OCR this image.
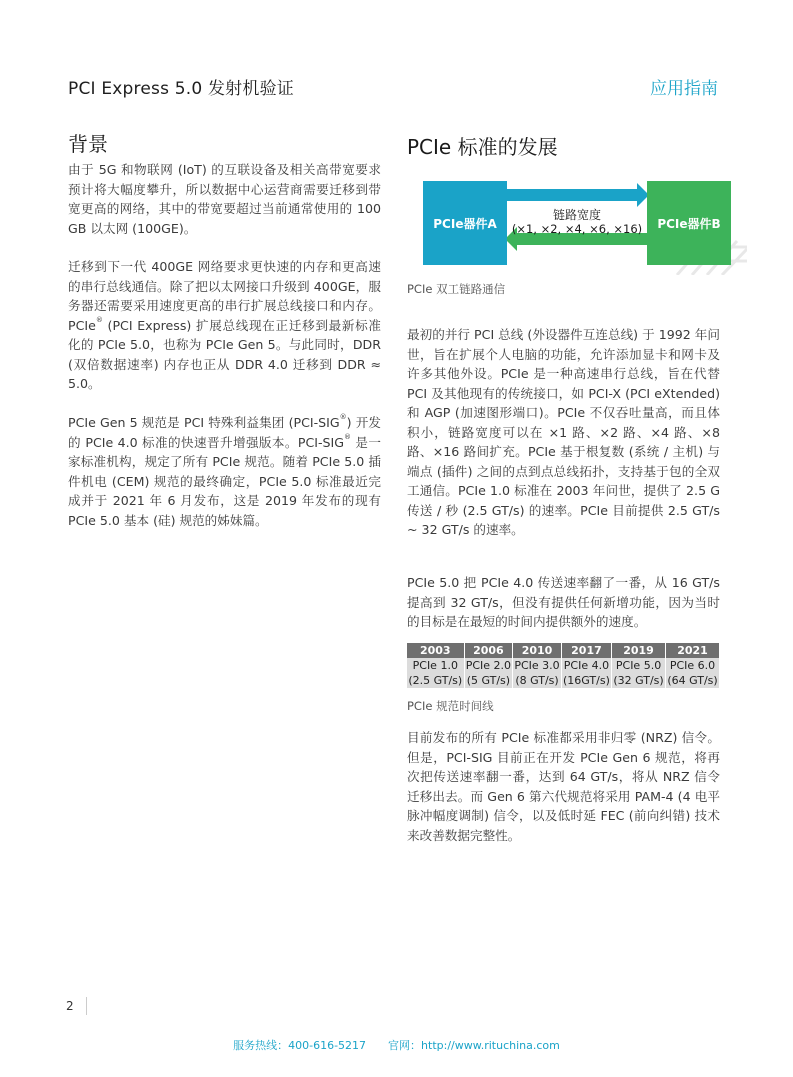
PCI Express 5.0 发射机验证	应用指南
背景

由于 5G 和物联网 (IoT) 的互联设备及相关高带宽要求预计将大幅度攀升，所以数据中心运营商需要迁移到带宽更高的网络，其中的带宽要超过当前通常使用的 100 GB 以太网 (100GE)。

迁移到下一代 400GE 网络要求更快速的内存和更高速的串行总线通信。除了把以太网接口升级到 400GE，服务器还需要采用速度更高的串行扩展总线接口和内存。PCIe® (PCI Express) 扩展总线现在正迁移到最新标准化的 PCIe 5.0，也称为 PCIe Gen 5。与此同时，DDR (双倍数据速率) 内存也正从 DDR 4.0 迁移到 DDR ≈ 5.0。

PCIe Gen 5 规范是 PCI 特殊利益集团 (PCI-SIG®) 开发的 PCIe 4.0 标准的快速晋升增强版本。PCI-SIG® 是一家标准机构，规定了所有 PCIe 规范。随着 PCIe 5.0 插件机电 (CEM) 规范的最终确定，PCIe 5.0 标准最近完成并于 2021 年 6 月发布，这是 2019 年发布的现有 PCIe 5.0 基本 (硅) 规范的姊妹篇。

PCIe 标准的发展
PCIe器件A	PCIe器件B
链路宽度
(×1, ×2, ×4, ×6, ×16)
PCIe 双工链路通信

最初的并行 PCI 总线 (外设器件互连总线) 于 1992 年问世，旨在扩展个人电脑的功能，允许添加显卡和网卡及许多其他外设。PCIe 是一种高速串行总线，旨在代替 PCI 及其他现有的传统接口，如 PCI-X (PCI eXtended) 和 AGP (加速图形端口)。PCIe 不仅吞吐量高，而且体积小，链路宽度可以在 ×1 路、×2 路、×4 路、×8 路、×16 路间扩充。PCIe 基于根复数 (系统 / 主机) 与端点 (插件) 之间的点到点总线拓扑，支持基于包的全双工通信。PCIe 1.0 标准在 2003 年问世，提供了 2.5 G 传送 / 秒 (2.5 GT/s) 的速率。PCIe 目前提供 2.5 GT/s ~ 32 GT/s 的速率。

PCIe 5.0 把 PCIe 4.0 传送速率翻了一番，从 16 GT/s 提高到 32 GT/s，但没有提供任何新增功能，因为当时的目标是在最短的时间内提供额外的速度。

2003	2006	2010	2017	2019	2021
PCIe 1.0	PCIe 2.0	PCIe 3.0	PCIe 4.0	PCIe 5.0	PCIe 6.0
(2.5 GT/s)	(5 GT/s)	(8 GT/s)	(16GT/s)	(32 GT/s)	(64 GT/s)
PCIe 规范时间线

目前发布的所有 PCIe 标准都采用非归零 (NRZ) 信令。但是，PCI-SIG 目前正在开发 PCIe Gen 6 规范，将再次把传送速率翻一番，达到 64 GT/s，将从 NRZ 信令迁移出去。而 Gen 6 第六代规范将采用 PAM-4 (4 电平脉冲幅度调制) 信令，以及低时延 FEC (前向纠错) 技术来改善数据完整性。

2
服务热线：400-616-5217 官网：http://www.rituchina.com
